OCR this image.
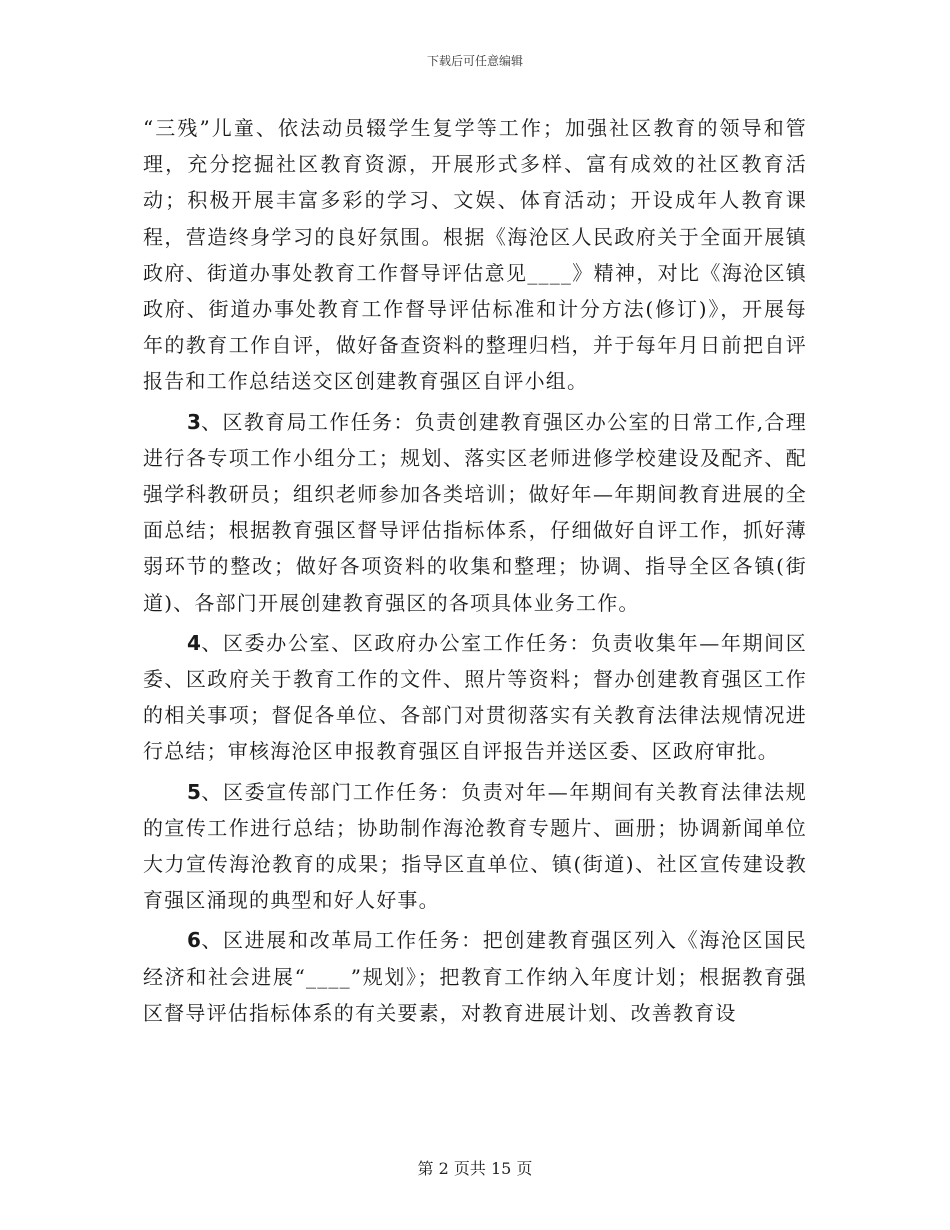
下载后可任意编辑

“三残”儿童、依法动员辍学生复学等工作；加强社区教育的领导和管理，充分挖掘社区教育资源，开展形式多样、富有成效的社区教育活动；积极开展丰富多彩的学习、文娱、体育活动；开设成年人教育课程，营造终身学习的良好氛围。根据《海沧区人民政府关于全面开展镇政府、街道办事处教育工作督导评估意见____》精神，对比《海沧区镇政府、街道办事处教育工作督导评估标准和计分方法(修订)》，开展每年的教育工作自评，做好备查资料的整理归档，并于每年月日前把自评报告和工作总结送交区创建教育强区自评小组。

3、区教育局工作任务：负责创建教育强区办公室的日常工作,合理进行各专项工作小组分工；规划、落实区老师进修学校建设及配齐、配强学科教研员；组织老师参加各类培训；做好年—年期间教育进展的全面总结；根据教育强区督导评估指标体系，仔细做好自评工作，抓好薄弱环节的整改；做好各项资料的收集和整理；协调、指导全区各镇(街道)、各部门开展创建教育强区的各项具体业务工作。

4、区委办公室、区政府办公室工作任务：负责收集年—年期间区委、区政府关于教育工作的文件、照片等资料；督办创建教育强区工作的相关事项；督促各单位、各部门对贯彻落实有关教育法律法规情况进行总结；审核海沧区申报教育强区自评报告并送区委、区政府审批。

5、区委宣传部门工作任务：负责对年—年期间有关教育法律法规的宣传工作进行总结；协助制作海沧教育专题片、画册；协调新闻单位大力宣传海沧教育的成果；指导区直单位、镇(街道)、社区宣传建设教育强区涌现的典型和好人好事。

6、区进展和改革局工作任务：把创建教育强区列入《海沧区国民经济和社会进展“____”规划》；把教育工作纳入年度计划；根据教育强区督导评估指标体系的有关要素，对教育进展计划、改善教育设

第 2 页共 15 页
